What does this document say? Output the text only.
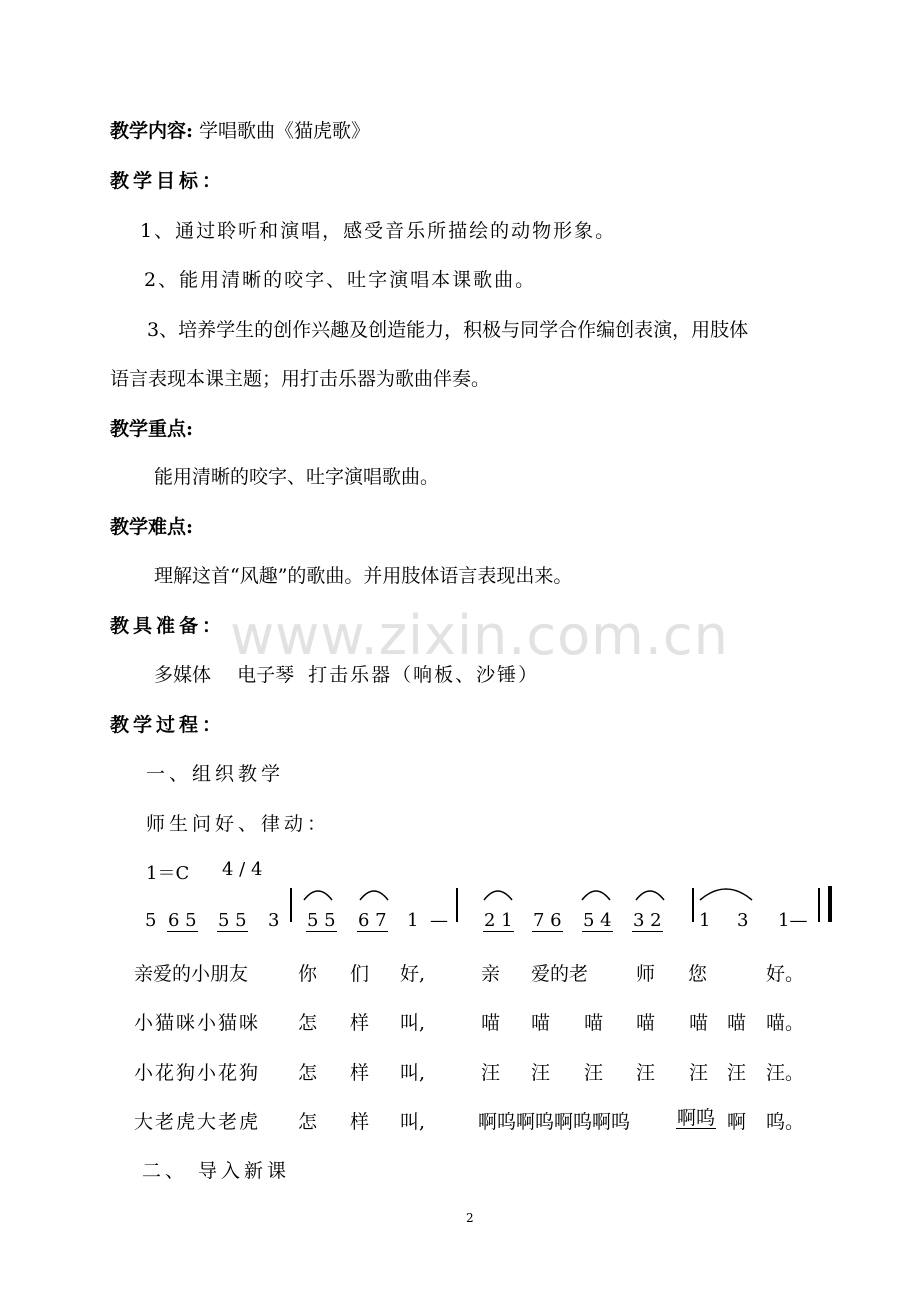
www.zixin.com.cn
教学内容: 学唱歌曲《猫虎歌》
教学目标：
1、通过聆听和演唱，感受音乐所描绘的动物形象。
2、能用清晰的咬字、吐字演唱本课歌曲。
3、培养学生的创作兴趣及创造能力，积极与同学合作编创表演，用肢体
语言表现本课主题；用打击乐器为歌曲伴奏。
教学重点:
能用清晰的咬字、吐字演唱歌曲。
教学难点:
理解这首“风趣”的歌曲。并用肢体语言表现出来。
教具准备：
多媒体 电子琴 打击乐器（响板、沙锤）
教学过程：
一、组织教学
师生问好、律动：
1＝C 4 / 4
5 6 5 5 5 3 5 5 6 7 1 — 2 1 7 6 5 4 3 2 1 3 1—
亲爱的小朋友	你 们 好,	亲 爱的老	师 您	好。
小猫咪小猫咪 怎 样 叫,	喵 喵 喵 喵 喵 喵 喵。
小花狗小花狗 怎 样 叫,	汪 汪 汪 汪 汪 汪 汪。
大老虎大老虎 怎 样 叫,	啊呜啊呜啊呜啊呜 啊呜 啊 呜。
二、 导入新课
2
